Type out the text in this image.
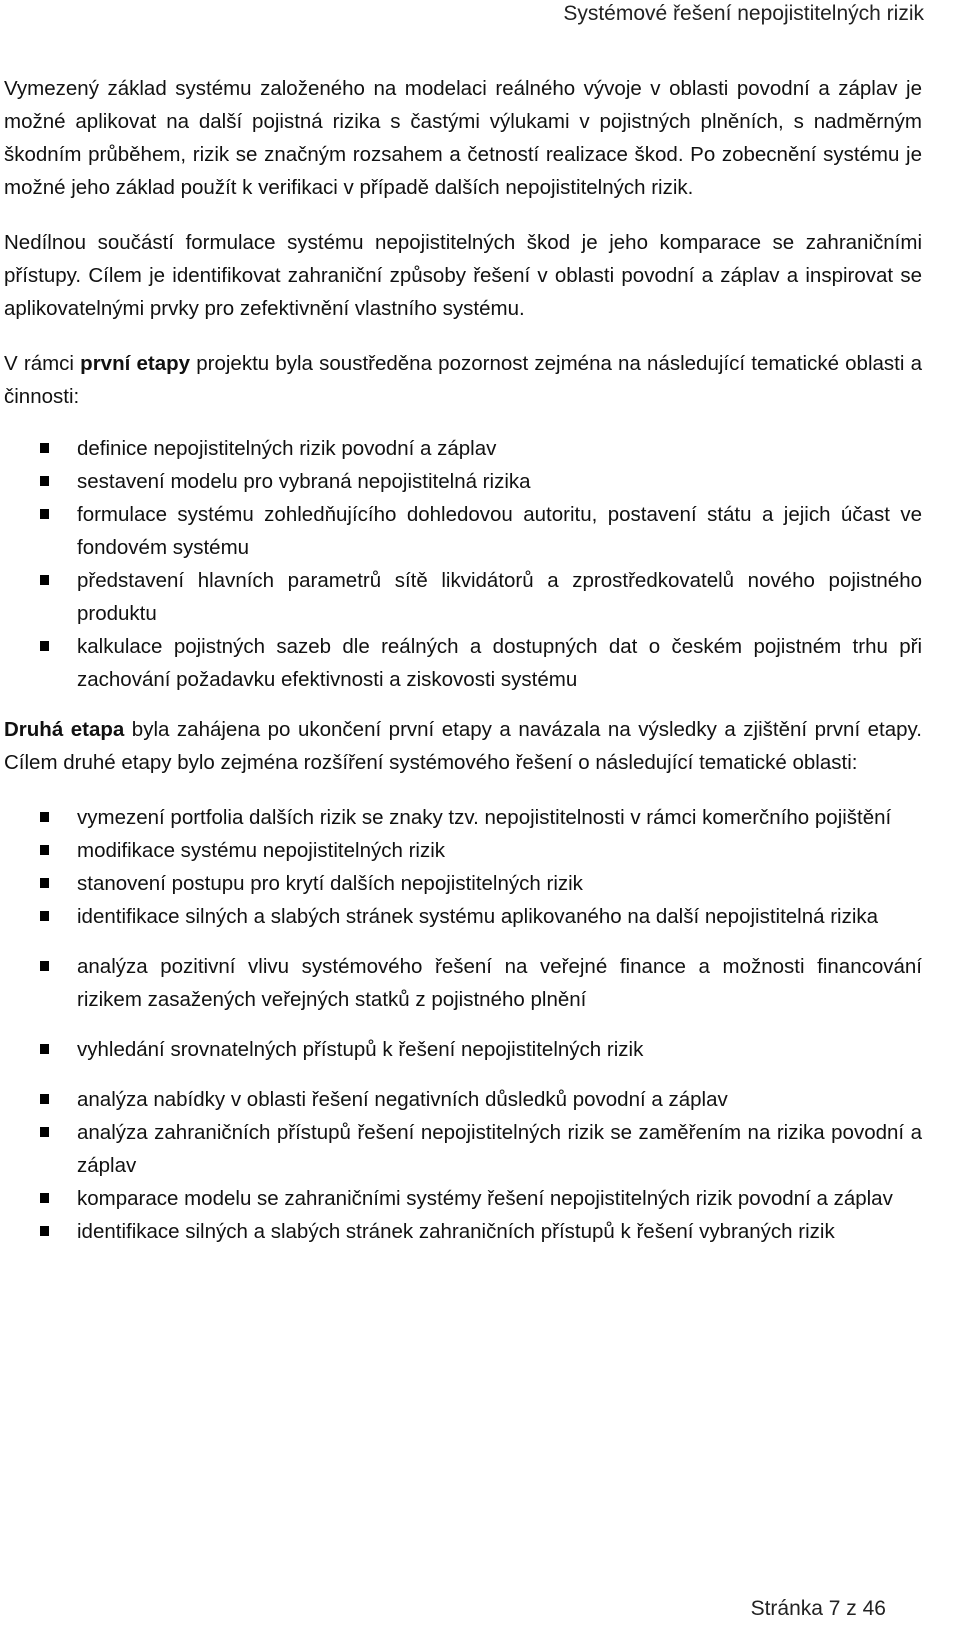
Systémové řešení nepojistitelných rizik

Vymezený základ systému založeného na modelaci reálného vývoje v oblasti povodní a záplav je možné aplikovat na další pojistná rizika s častými výlukami v pojistných plněních, s nadměrným škodním průběhem, rizik se značným rozsahem a četností realizace škod. Po zobecnění systému je možné jeho základ použít k verifikaci v případě dalších nepojistitelných rizik.

Nedílnou součástí formulace systému nepojistitelných škod je jeho komparace se zahraničními přístupy. Cílem je identifikovat zahraniční způsoby řešení v oblasti povodní a záplav a inspirovat se aplikovatelnými prvky pro zefektivnění vlastního systému.

V rámci první etapy projektu byla soustředěna pozornost zejména na následující tematické oblasti a činnosti:

definice nepojistitelných rizik povodní a záplav
sestavení modelu pro vybraná nepojistitelná rizika
formulace systému zohledňujícího dohledovou autoritu, postavení státu a jejich účast ve fondovém systému
představení hlavních parametrů sítě likvidátorů a zprostředkovatelů nového pojistného produktu
kalkulace pojistných sazeb dle reálných a dostupných dat o českém pojistném trhu při zachování požadavku efektivnosti a ziskovosti systému

Druhá etapa byla zahájena po ukončení první etapy a navázala na výsledky a zjištění první etapy. Cílem druhé etapy bylo zejména rozšíření systémového řešení o následující tematické oblasti:

vymezení portfolia dalších rizik se znaky tzv. nepojistitelnosti v rámci komerčního pojištění
modifikace systému nepojistitelných rizik
stanovení postupu pro krytí dalších nepojistitelných rizik
identifikace silných a slabých stránek systému aplikovaného na další nepojistitelná rizika
analýza pozitivní vlivu systémového řešení na veřejné finance a možnosti financování rizikem zasažených veřejných statků z pojistného plnění
vyhledání srovnatelných přístupů k řešení nepojistitelných rizik
analýza nabídky v oblasti řešení negativních důsledků povodní a záplav
analýza zahraničních přístupů řešení nepojistitelných rizik se zaměřením na rizika povodní a záplav
komparace modelu se zahraničními systémy řešení nepojistitelných rizik povodní a záplav
identifikace silných a slabých stránek zahraničních přístupů k řešení vybraných rizik
Stránka 7 z 46
